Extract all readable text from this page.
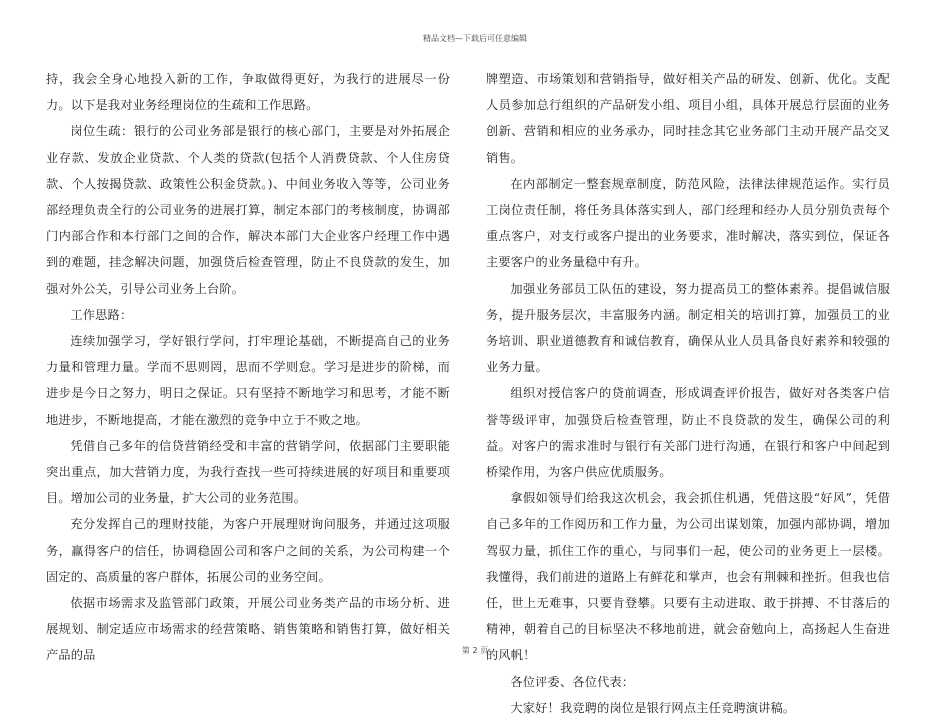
精品文档—下载后可任意编辑

持，我会全身心地投入新的工作，争取做得更好，为我行的进展尽一份力。以下是我对业务经理岗位的生疏和工作思路。

岗位生疏：银行的公司业务部是银行的核心部门，主要是对外拓展企业存款、发放企业贷款、个人类的贷款(包括个人消费贷款、个人住房贷款、个人按揭贷款、政策性公积金贷款。)、中间业务收入等等，公司业务部经理负责全行的公司业务的进展打算，制定本部门的考核制度，协调部门内部合作和本行部门之间的合作，解决本部门大企业客户经理工作中遇到的难题，挂念解决问题，加强贷后检查管理，防止不良贷款的发生，加强对外公关，引导公司业务上台阶。

工作思路：

连续加强学习，学好银行学问，打牢理论基础，不断提高自己的业务力量和管理力量。学而不思则罔，思而不学则怠。学习是进步的阶梯，而进步是今日之努力，明日之保证。只有坚持不断地学习和思考，才能不断地进步，不断地提高，才能在激烈的竞争中立于不败之地。

凭借自己多年的信贷营销经受和丰富的营销学问，依据部门主要职能突出重点，加大营销力度，为我行查找一些可持续进展的好项目和重要项目。增加公司的业务量，扩大公司的业务范围。

充分发挥自己的理财技能，为客户开展理财询问服务，并通过这项服务，赢得客户的信任，协调稳固公司和客户之间的关系，为公司构建一个固定的、高质量的客户群体，拓展公司的业务空间。

依据市场需求及监管部门政策，开展公司业务类产品的市场分析、进展规划、制定适应市场需求的经营策略、销售策略和销售打算，做好相关产品的品

牌塑造、市场策划和营销指导，做好相关产品的研发、创新、优化。支配人员参加总行组织的产品研发小组、项目小组，具体开展总行层面的业务创新、营销和相应的业务承办，同时挂念其它业务部门主动开展产品交叉销售。

在内部制定一整套规章制度，防范风险，法律法律规范运作。实行员工岗位责任制，将任务具体落实到人，部门经理和经办人员分别负责每个重点客户，对支行或客户提出的业务要求，准时解决，落实到位，保证各主要客户的业务量稳中有升。

加强业务部员工队伍的建设，努力提高员工的整体素养。提倡诚信服务，提升服务层次，丰富服务内涵。制定相关的培训打算，加强员工的业务培训、职业道德教育和诚信教育，确保从业人员具备良好素养和较强的业务力量。

组织对授信客户的贷前调查，形成调查评价报告，做好对各类客户信誉等级评审，加强贷后检查管理，防止不良贷款的发生，确保公司的利益。对客户的需求准时与银行有关部门进行沟通，在银行和客户中间起到桥梁作用，为客户供应优质服务。

拿假如领导们给我这次机会，我会抓住机遇，凭借这股“好风”，凭借自己多年的工作阅历和工作力量，为公司出谋划策，加强内部协调，增加驾驭力量，抓住工作的重心，与同事们一起，使公司的业务更上一层楼。我懂得，我们前进的道路上有鲜花和掌声，也会有荆棘和挫折。但我也信任，世上无难事，只要肯登攀。只要有主动进取、敢于拼搏、不甘落后的精神，朝着自己的目标坚决不移地前进，就会奋勉向上，高扬起人生奋进的风帆！

各位评委、各位代表：

大家好！我竞聘的岗位是银行网点主任竞聘演讲稿。

第 2 页
